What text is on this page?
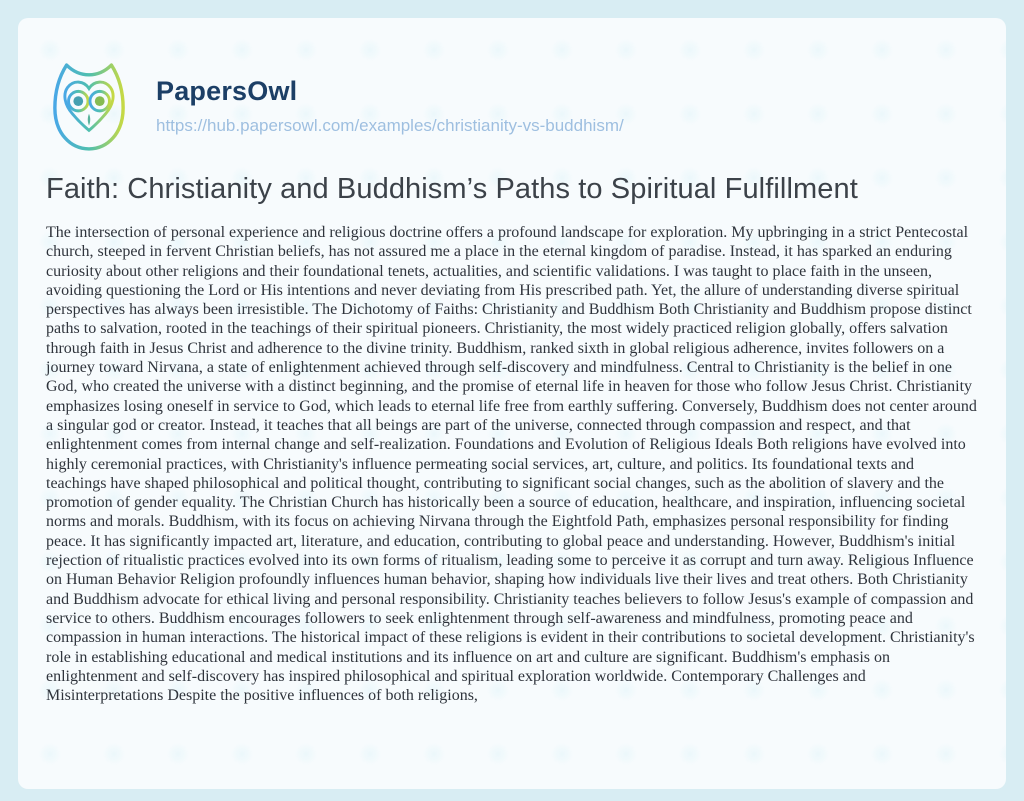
PapersOwl
https://hub.papersowl.com/examples/christianity-vs-buddhism/
Faith: Christianity and Buddhism’s Paths to Spiritual Fulfillment

The intersection of personal experience and religious doctrine offers a profound landscape for exploration. My upbringing in a strict Pentecostal church, steeped in fervent Christian beliefs, has not assured me a place in the eternal kingdom of paradise. Instead, it has sparked an enduring curiosity about other religions and their foundational tenets, actualities, and scientific validations. I was taught to place faith in the unseen, avoiding questioning the Lord or His intentions and never deviating from His prescribed path. Yet, the allure of understanding diverse spiritual perspectives has always been irresistible. The Dichotomy of Faiths: Christianity and Buddhism Both Christianity and Buddhism propose distinct paths to salvation, rooted in the teachings of their spiritual pioneers. Christianity, the most widely practiced religion globally, offers salvation through faith in Jesus Christ and adherence to the divine trinity. Buddhism, ranked sixth in global religious adherence, invites followers on a journey toward Nirvana, a state of enlightenment achieved through self-discovery and mindfulness. Central to Christianity is the belief in one God, who created the universe with a distinct beginning, and the promise of eternal life in heaven for those who follow Jesus Christ. Christianity emphasizes losing oneself in service to God, which leads to eternal life free from earthly suffering. Conversely, Buddhism does not center around a singular god or creator. Instead, it teaches that all beings are part of the universe, connected through compassion and respect, and that enlightenment comes from internal change and self-realization. Foundations and Evolution of Religious Ideals Both religions have evolved into highly ceremonial practices, with Christianity's influence permeating social services, art, culture, and politics. Its foundational texts and teachings have shaped philosophical and political thought, contributing to significant social changes, such as the abolition of slavery and the promotion of gender equality. The Christian Church has historically been a source of education, healthcare, and inspiration, influencing societal norms and morals. Buddhism, with its focus on achieving Nirvana through the Eightfold Path, emphasizes personal responsibility for finding peace. It has significantly impacted art, literature, and education, contributing to global peace and understanding. However, Buddhism's initial rejection of ritualistic practices evolved into its own forms of ritualism, leading some to perceive it as corrupt and turn away. Religious Influence on Human Behavior Religion profoundly influences human behavior, shaping how individuals live their lives and treat others. Both Christianity and Buddhism advocate for ethical living and personal responsibility. Christianity teaches believers to follow Jesus's example of compassion and service to others. Buddhism encourages followers to seek enlightenment through self-awareness and mindfulness, promoting peace and compassion in human interactions. The historical impact of these religions is evident in their contributions to societal development. Christianity's role in establishing educational and medical institutions and its influence on art and culture are significant. Buddhism's emphasis on enlightenment and self-discovery has inspired philosophical and spiritual exploration worldwide. Contemporary Challenges and Misinterpretations Despite the positive influences of both religions,
